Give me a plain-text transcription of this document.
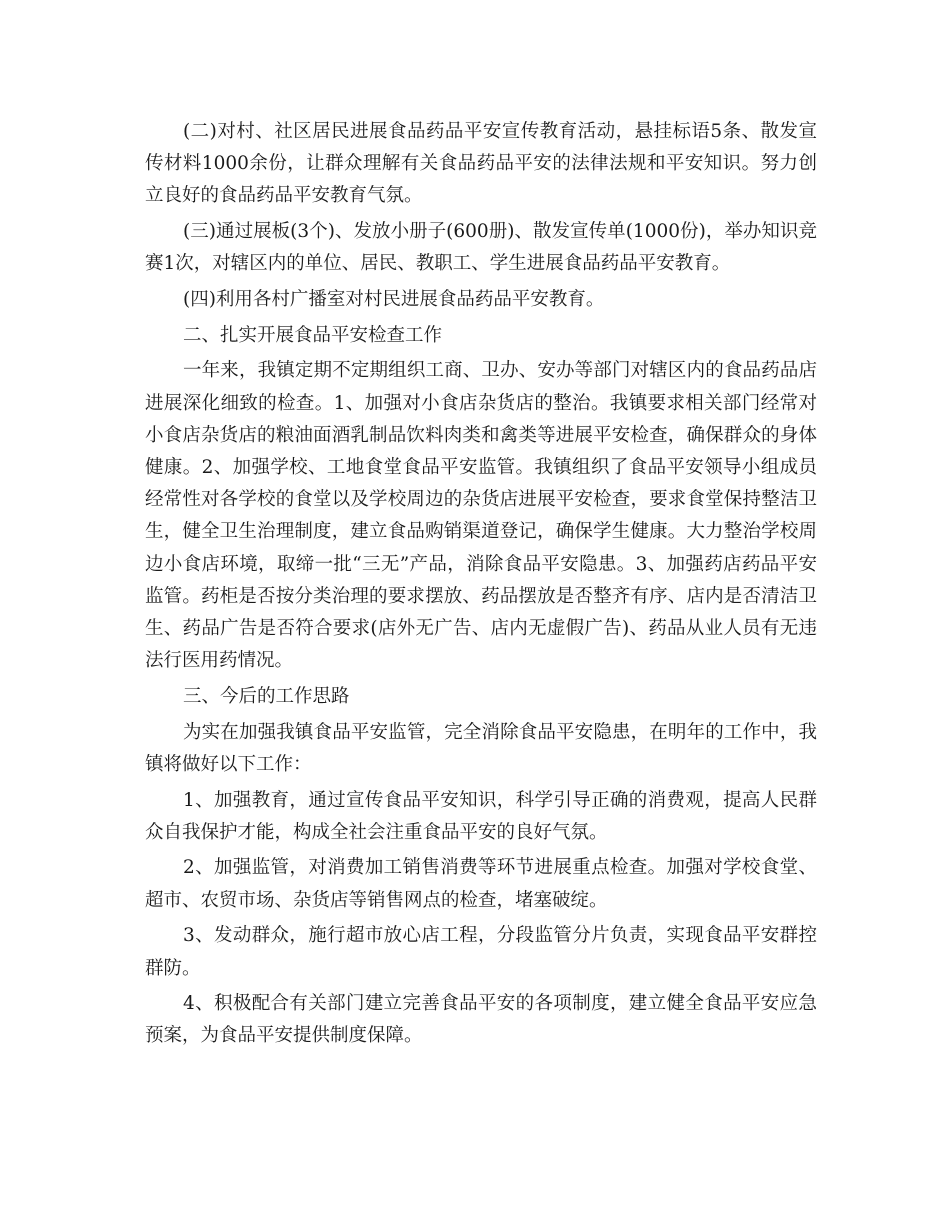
(二)对村、社区居民进展食品药品平安宣传教育活动，悬挂标语5条、散发宣传材料1000余份，让群众理解有关食品药品平安的法律法规和平安知识。努力创立良好的食品药品平安教育气氛。

(三)通过展板(3个)、发放小册子(600册)、散发宣传单(1000份)，举办知识竞赛1次，对辖区内的单位、居民、教职工、学生进展食品药品平安教育。

(四)利用各村广播室对村民进展食品药品平安教育。

二、扎实开展食品平安检查工作

一年来，我镇定期不定期组织工商、卫办、安办等部门对辖区内的食品药品店进展深化细致的检查。1、加强对小食店杂货店的整治。我镇要求相关部门经常对小食店杂货店的粮油面酒乳制品饮料肉类和禽类等进展平安检查，确保群众的身体健康。2、加强学校、工地食堂食品平安监管。我镇组织了食品平安领导小组成员经常性对各学校的食堂以及学校周边的杂货店进展平安检查，要求食堂保持整洁卫生，健全卫生治理制度，建立食品购销渠道登记，确保学生健康。大力整治学校周边小食店环境，取缔一批“三无”产品，消除食品平安隐患。3、加强药店药品平安监管。药柜是否按分类治理的要求摆放、药品摆放是否整齐有序、店内是否清洁卫生、药品广告是否符合要求(店外无广告、店内无虚假广告)、药品从业人员有无违法行医用药情况。

三、今后的工作思路

为实在加强我镇食品平安监管，完全消除食品平安隐患，在明年的工作中，我镇将做好以下工作：

1、加强教育，通过宣传食品平安知识，科学引导正确的消费观，提高人民群众自我保护才能，构成全社会注重食品平安的良好气氛。

2、加强监管，对消费加工销售消费等环节进展重点检查。加强对学校食堂、超市、农贸市场、杂货店等销售网点的检查，堵塞破绽。

3、发动群众，施行超市放心店工程，分段监管分片负责，实现食品平安群控群防。

4、积极配合有关部门建立完善食品平安的各项制度，建立健全食品平安应急预案，为食品平安提供制度保障。
